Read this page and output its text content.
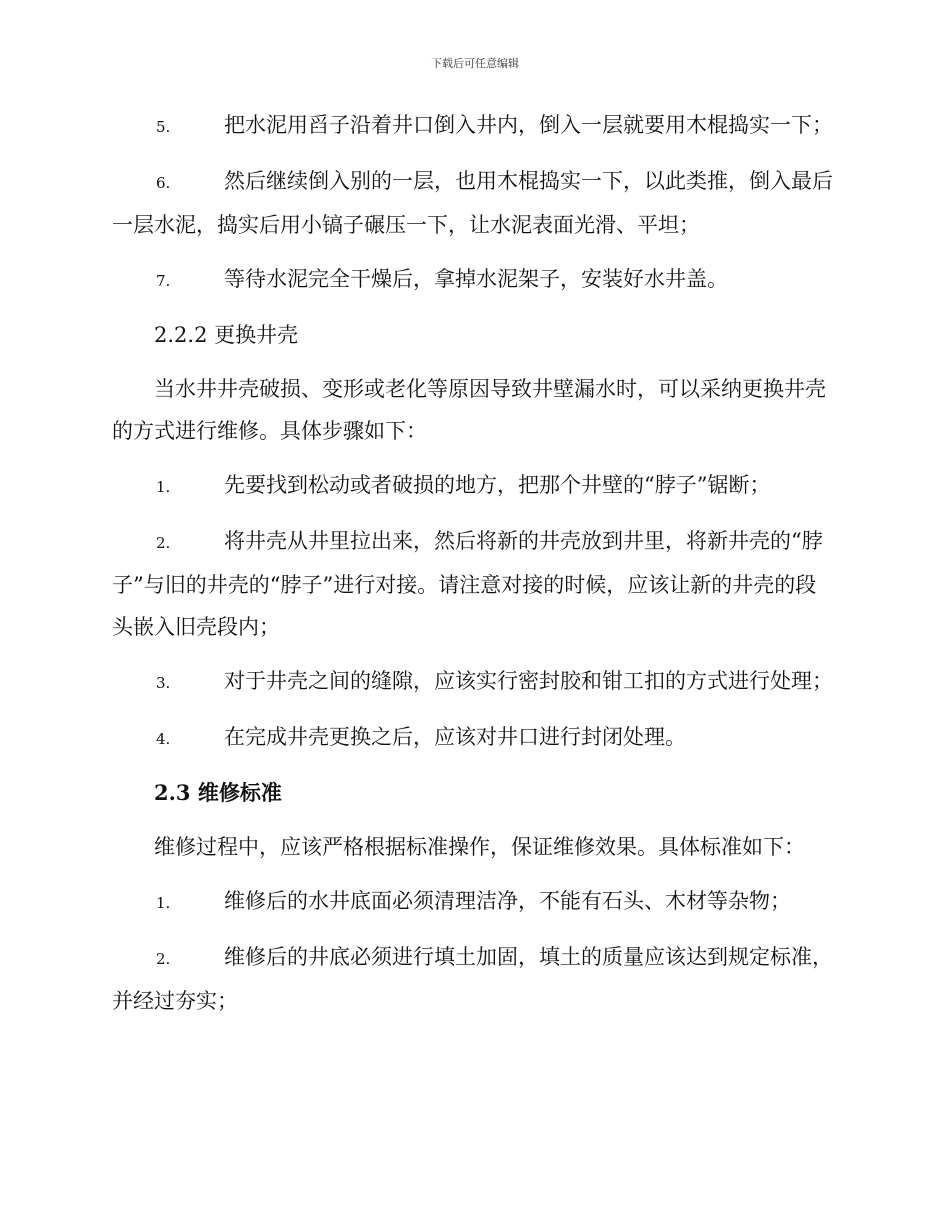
下载后可任意编辑

5.	把水泥用舀子沿着井口倒入井内，倒入一层就要用木棍捣实一下；

6.	然后继续倒入别的一层，也用木棍捣实一下，以此类推，倒入最后一层水泥，捣实后用小镐子碾压一下，让水泥表面光滑、平坦；

7.	等待水泥完全干燥后，拿掉水泥架子，安装好水井盖。

2.2.2 更换井壳

当水井井壳破损、变形或老化等原因导致井壁漏水时，可以采纳更换井壳的方式进行维修。具体步骤如下：

1.	先要找到松动或者破损的地方，把那个井壁的“脖子”锯断；

2.	将井壳从井里拉出来，然后将新的井壳放到井里，将新井壳的“脖子”与旧的井壳的“脖子”进行对接。请注意对接的时候，应该让新的井壳的段头嵌入旧壳段内；

3.	对于井壳之间的缝隙，应该实行密封胶和钳工扣的方式进行处理；

4.	在完成井壳更换之后，应该对井口进行封闭处理。

2.3 维修标准

维修过程中，应该严格根据标准操作，保证维修效果。具体标准如下：

1.	维修后的水井底面必须清理洁净，不能有石头、木材等杂物；

2.	维修后的井底必须进行填土加固，填土的质量应该达到规定标准，并经过夯实；
